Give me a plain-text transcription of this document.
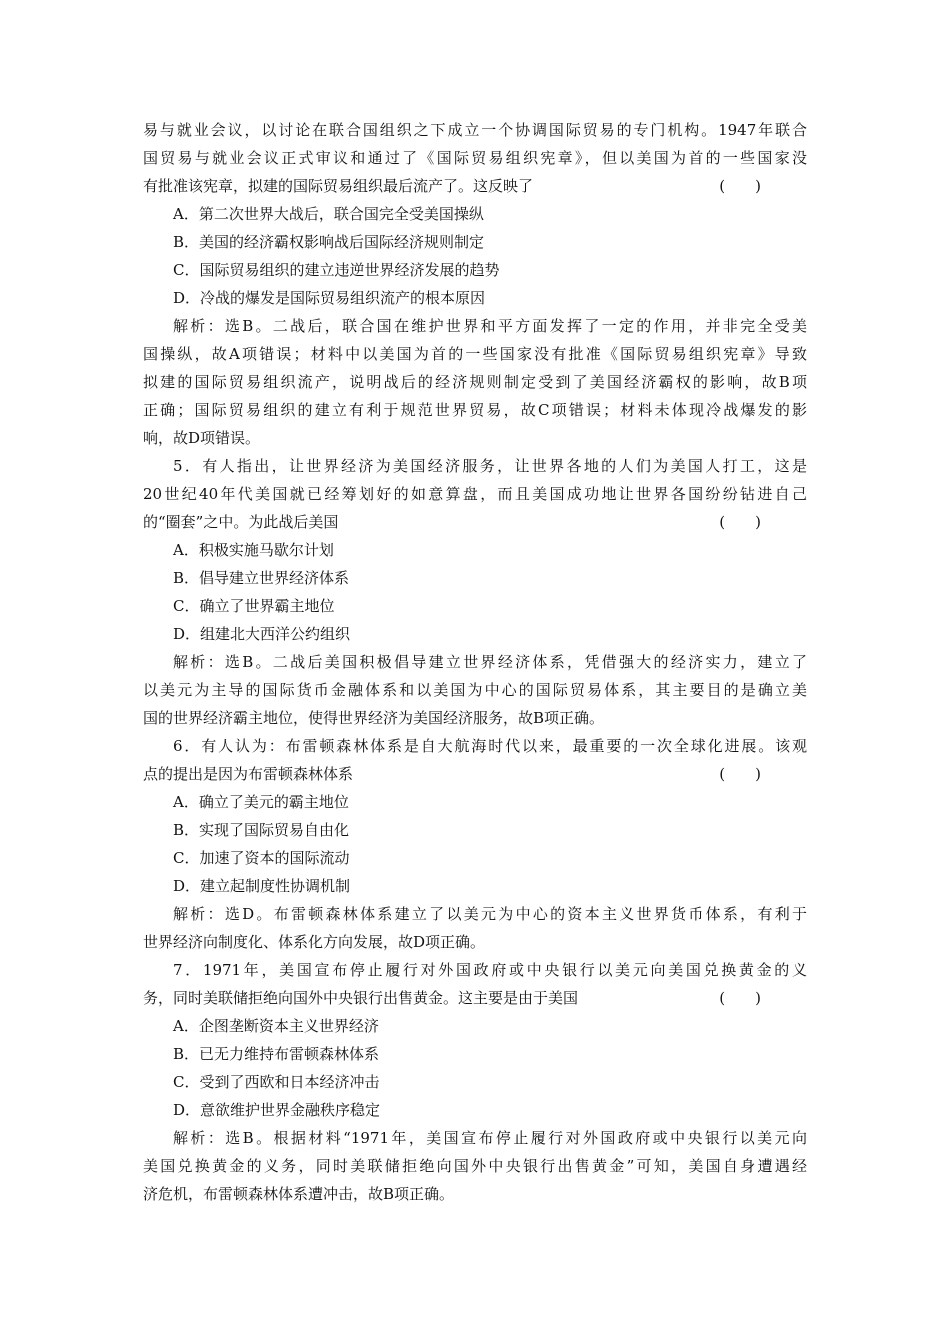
易与就业会议，以讨论在联合国组织之下成立一个协调国际贸易的专门机构。1947年联合
国贸易与就业会议正式审议和通过了《国际贸易组织宪章》，但以美国为首的一些国家没
有批准该宪章，拟建的国际贸易组织最后流产了。这反映了	(　　)
A．第二次世界大战后，联合国完全受美国操纵
B．美国的经济霸权影响战后国际经济规则制定
C．国际贸易组织的建立违逆世界经济发展的趋势
D．冷战的爆发是国际贸易组织流产的根本原因
解析：选B。二战后，联合国在维护世界和平方面发挥了一定的作用，并非完全受美
国操纵，故A项错误；材料中以美国为首的一些国家没有批准《国际贸易组织宪章》导致
拟建的国际贸易组织流产，说明战后的经济规则制定受到了美国经济霸权的影响，故B项
正确；国际贸易组织的建立有利于规范世界贸易，故C项错误；材料未体现冷战爆发的影
响，故D项错误。
5．有人指出，让世界经济为美国经济服务，让世界各地的人们为美国人打工，这是
20世纪40年代美国就已经筹划好的如意算盘，而且美国成功地让世界各国纷纷钻进自己
的“圈套”之中。为此战后美国	(　　)
A．积极实施马歇尔计划
B．倡导建立世界经济体系
C．确立了世界霸主地位
D．组建北大西洋公约组织
解析：选B。二战后美国积极倡导建立世界经济体系，凭借强大的经济实力，建立了
以美元为主导的国际货币金融体系和以美国为中心的国际贸易体系，其主要目的是确立美
国的世界经济霸主地位，使得世界经济为美国经济服务，故B项正确。
6．有人认为：布雷顿森林体系是自大航海时代以来，最重要的一次全球化进展。该观
点的提出是因为布雷顿森林体系	(　　)
A．确立了美元的霸主地位
B．实现了国际贸易自由化
C．加速了资本的国际流动
D．建立起制度性协调机制
解析：选D。布雷顿森林体系建立了以美元为中心的资本主义世界货币体系，有利于
世界经济向制度化、体系化方向发展，故D项正确。
7．1971年，美国宣布停止履行对外国政府或中央银行以美元向美国兑换黄金的义
务，同时美联储拒绝向国外中央银行出售黄金。这主要是由于美国	(　　)
A．企图垄断资本主义世界经济
B．已无力维持布雷顿森林体系
C．受到了西欧和日本经济冲击
D．意欲维护世界金融秩序稳定
解析：选B。根据材料“1971年，美国宣布停止履行对外国政府或中央银行以美元向
美国兑换黄金的义务，同时美联储拒绝向国外中央银行出售黄金”可知，美国自身遭遇经
济危机，布雷顿森林体系遭冲击，故B项正确。
